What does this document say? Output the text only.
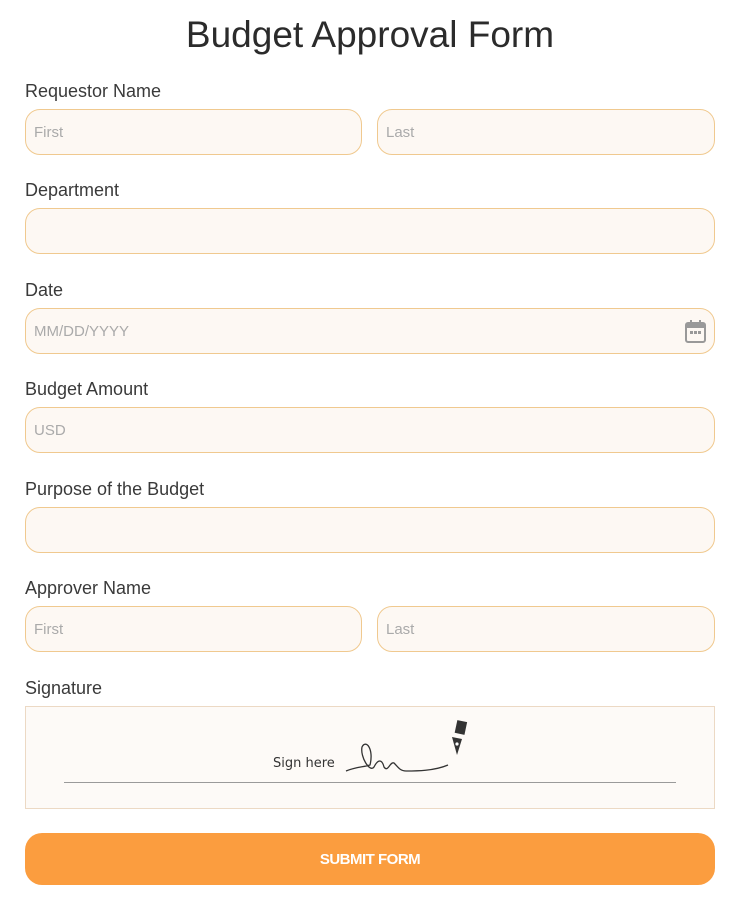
Budget Approval Form
Requestor Name
First	Last
Department
Date
MM/DD/YYYY
Budget Amount
USD
Purpose of the Budget
Approver Name
First	Last
Signature
Sign here
SUBMIT FORM
